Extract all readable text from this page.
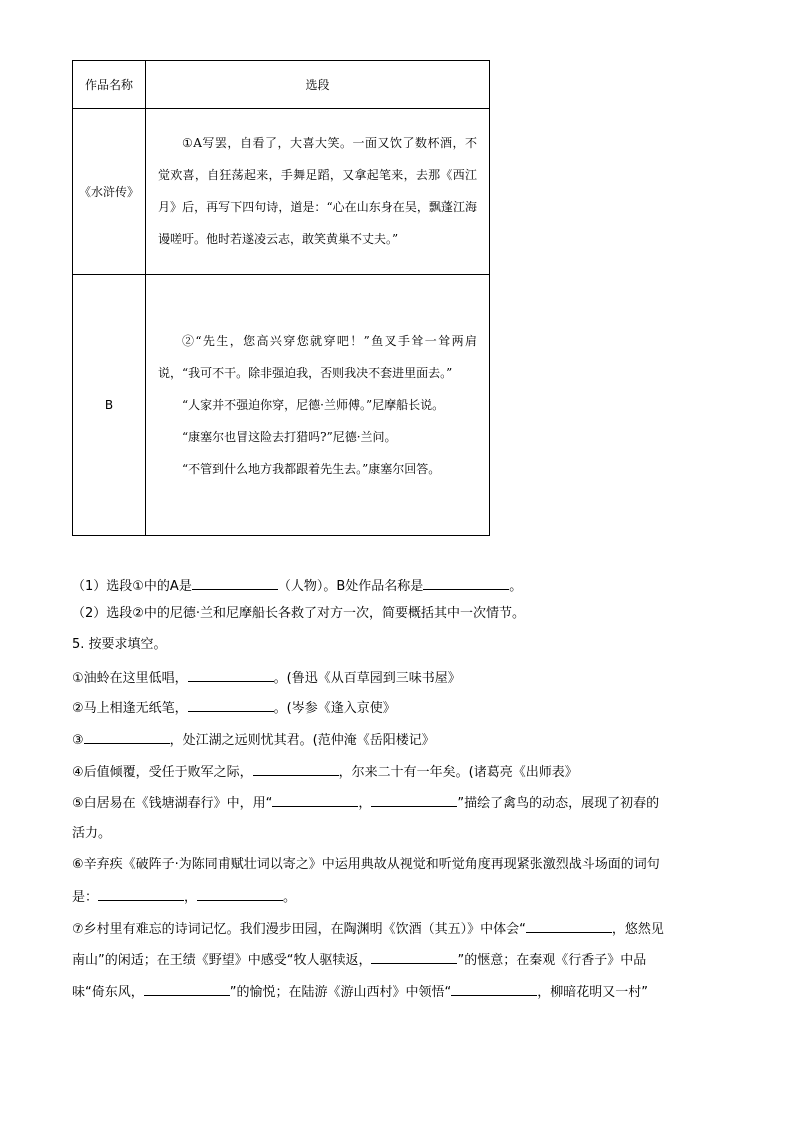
作品名称	选段
《水浒传》	①A写罢，自看了，大喜大笑。一面又饮了数杯酒，不觉欢喜，自狂荡起来，手舞足蹈，又拿起笔来，去那《西江月》后，再写下四句诗，道是：“心在山东身在吴，飘蓬江海谩嗟吁。他时若遂凌云志，敢笑黄巢不丈夫。”

B	②“先生，您高兴穿您就穿吧！”鱼叉手耸一耸两肩说，“我可不干。除非强迫我，否则我决不套进里面去。”

“人家并不强迫你穿，尼德·兰师傅。”尼摩船长说。

“康塞尔也冒这险去打猎吗?”尼德·兰问。

“不管到什么地方我都跟着先生去。”康塞尔回答。

（1）选段①中的A是	（人物）。B处作品名称是	。
（2）选段②中的尼德·兰和尼摩船长各救了对方一次，简要概括其中一次情节。
5. 按要求填空。
①油蛉在这里低唱，	。(鲁迅《从百草园到三味书屋》
②马上相逢无纸笔，	。(岑参《逢入京使》
③	，处江湖之远则忧其君。(范仲淹《岳阳楼记》
④后值倾覆，受任于败军之际，	，尔来二十有一年矣。(诸葛亮《出师表》
⑤白居易在《钱塘湖春行》中，用“	，	”描绘了禽鸟的动态，展现了初春的
活力。
⑥辛弃疾《破阵子·为陈同甫赋壮词以寄之》中运用典故从视觉和听觉角度再现紧张激烈战斗场面的词句
是：	，	。
⑦乡村里有难忘的诗词记忆。我们漫步田园，在陶渊明《饮酒（其五）》中体会“	，悠然见
南山”的闲适；在王绩《野望》中感受“牧人驱犊返，	”的惬意；在秦观《行香子》中品
味“倚东风，	”的愉悦；在陆游《游山西村》中领悟“	，柳暗花明又一村”
